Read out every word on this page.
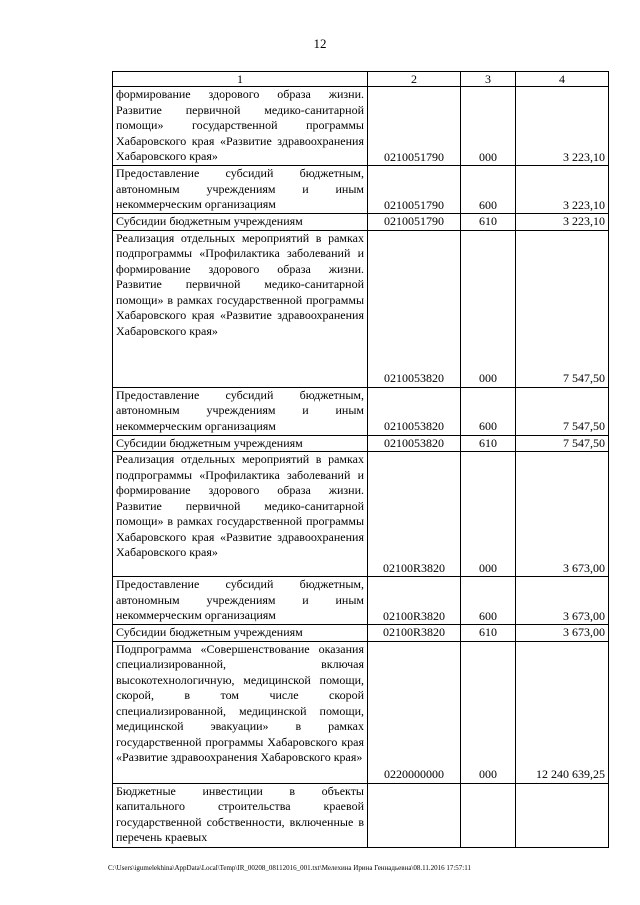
12
1	2	3	4
формирование здорового образа жизни. Развитие первичной медико-санитарной помощи» государственной программы Хабаровского края «Развитие здравоохранения Хабаровского края»	0210051790	000	3 223,10
Предоставление субсидий бюджетным, автономным учреждениям и иным некоммерческим организациям	0210051790	600	3 223,10
Субсидии бюджетным учреждениям	0210051790	610	3 223,10
Реализация отдельных мероприятий в рамках подпрограммы «Профилактика заболеваний и формирование здорового образа жизни. Развитие первичной медико-санитарной помощи» в рамках государственной программы Хабаровского края «Развитие здравоохранения Хабаровского края»	0210053820	000	7 547,50
Предоставление субсидий бюджетным, автономным учреждениям и иным некоммерческим организациям	0210053820	600	7 547,50
Субсидии бюджетным учреждениям	0210053820	610	7 547,50
Реализация отдельных мероприятий в рамках подпрограммы «Профилактика заболеваний и формирование здорового образа жизни. Развитие первичной медико-санитарной помощи» в рамках государственной программы Хабаровского края «Развитие здравоохранения Хабаровского края»	02100R3820	000	3 673,00
Предоставление субсидий бюджетным, автономным учреждениям и иным некоммерческим организациям	02100R3820	600	3 673,00
Субсидии бюджетным учреждениям	02100R3820	610	3 673,00
Подпрограмма «Совершенствование оказания специализированной, включая высокотехнологичную, медицинской помощи, скорой, в том числе скорой специализированной, медицинской помощи, медицинской эвакуации» в рамках государственной программы Хабаровского края «Развитие здравоохранения Хабаровского края»	0220000000	000	12 240 639,25
Бюджетные инвестиции в объекты капитального строительства краевой государственной собственности, включенные в перечень краевых			
C:\Users\igumelekhina\AppData\Local\Temp\IR_00208_08112016_001.txt\Мелехина Ирина Геннадьевна\08.11.2016 17:57:11
